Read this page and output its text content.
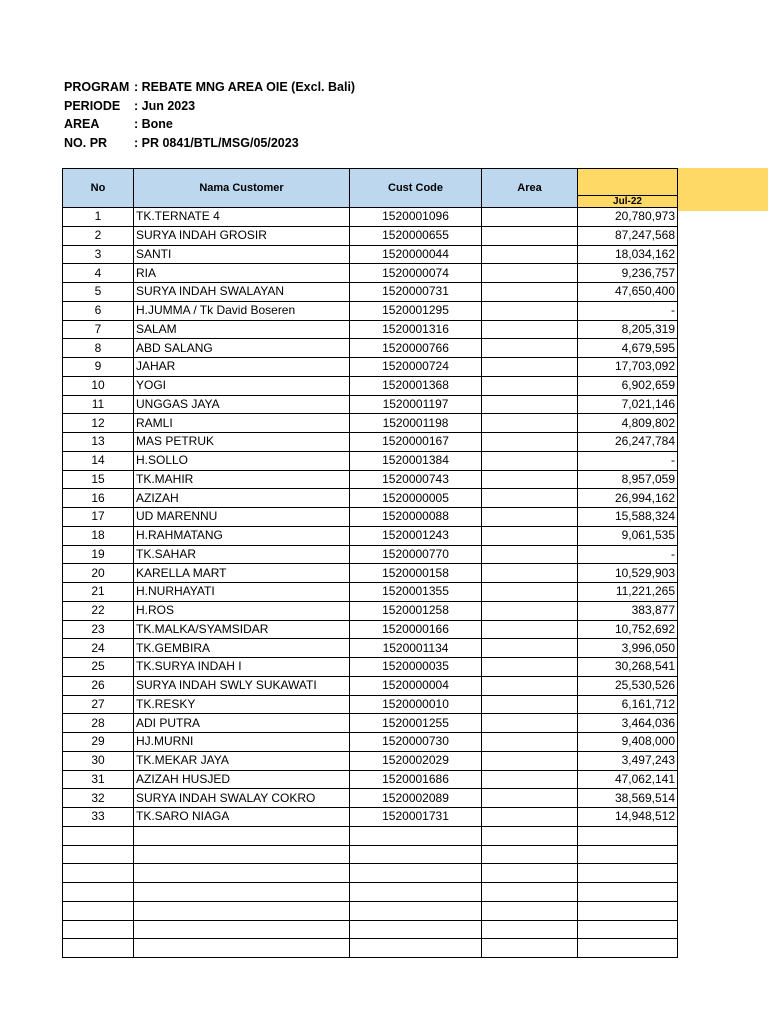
PROGRAM : REBATE MNG AREA OIE (Excl. Bali)
PERIODE	: Jun 2023
AREA	: Bone
NO. PR	: PR 0841/BTL/MSG/05/2023
No	Nama Customer	Cust Code	Area	Jul-22

1	TK.TERNATE 4	1520001096		20,780,973
2	SURYA INDAH GROSIR	1520000655		87,247,568
3	SANTI	1520000044		18,034,162
4	RIA	1520000074		9,236,757
5	SURYA INDAH SWALAYAN	1520000731		47,650,400
6	H.JUMMA / Tk David Boseren	1520001295		-
7	SALAM	1520001316		8,205,319
8	ABD SALANG	1520000766		4,679,595
9	JAHAR	1520000724		17,703,092
10	YOGI	1520001368		6,902,659
11	UNGGAS JAYA	1520001197		7,021,146
12	RAMLI	1520001198		4,809,802
13	MAS PETRUK	1520000167		26,247,784
14	H.SOLLO	1520001384		-
15	TK.MAHIR	1520000743		8,957,059
16	AZIZAH	1520000005		26,994,162
17	UD MARENNU	1520000088		15,588,324
18	H.RAHMATANG	1520001243		9,061,535
19	TK.SAHAR	1520000770		-
20	KARELLA MART	1520000158		10,529,903
21	H.NURHAYATI	1520001355		11,221,265
22	H.ROS	1520001258		383,877
23	TK.MALKA/SYAMSIDAR	1520000166		10,752,692
24	TK.GEMBIRA	1520001134		3,996,050
25	TK.SURYA INDAH I	1520000035		30,268,541
26	SURYA INDAH SWLY SUKAWATI	1520000004		25,530,526
27	TK.RESKY	1520000010		6,161,712
28	ADI PUTRA	1520001255		3,464,036
29	HJ.MURNI	1520000730		9,408,000
30	TK.MEKAR JAYA	1520002029		3,497,243
31	AZIZAH HUSJED	1520001686		47,062,141
32	SURYA INDAH SWALAY COKRO	1520002089		38,569,514
33	TK.SARO NIAGA	1520001731		14,948,512
